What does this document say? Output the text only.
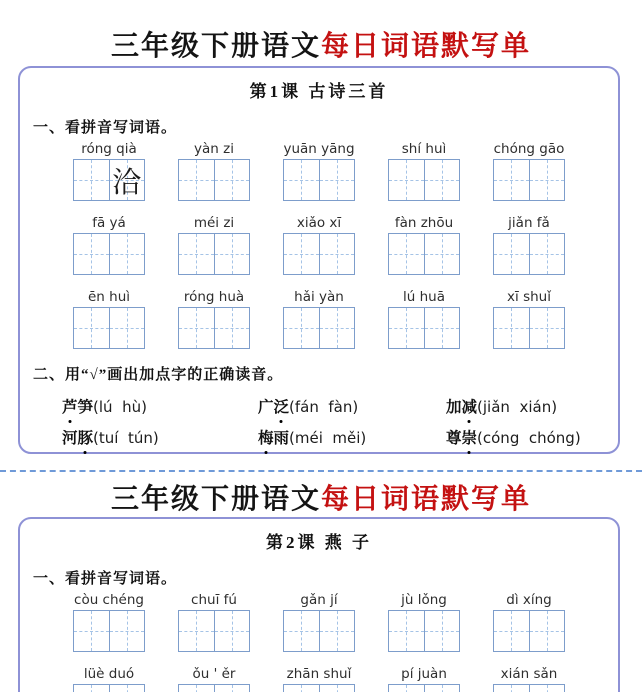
三年级下册语文每日词语默写单
第1课 古诗三首
一、看拼音写词语。
róng qià
洽
yàn zi	yuān yāng	shí huì	chóng gāo
fā yá	méi zi	xiǎo xī	fàn zhōu	jiǎn fǎ
ēn huì	róng huà	hǎi yàn	lú huā	xī shuǐ
二、用“√”画出加点字的正确读音。
芦笋 (lú  hù)	广泛 (fán  fàn)	加减 (jiǎn  xián)
河豚 (tuí  tún)	梅雨 (méi  měi)	尊崇 (cóng  chóng)
三年级下册语文每日词语默写单
第2课 燕 子
一、看拼音写词语。
còu chéng	chuī fú	gǎn jí	jù lǒng	dì xíng
lüè duó	ǒu ' ěr	zhān shuǐ	pí juàn	xián sǎn
